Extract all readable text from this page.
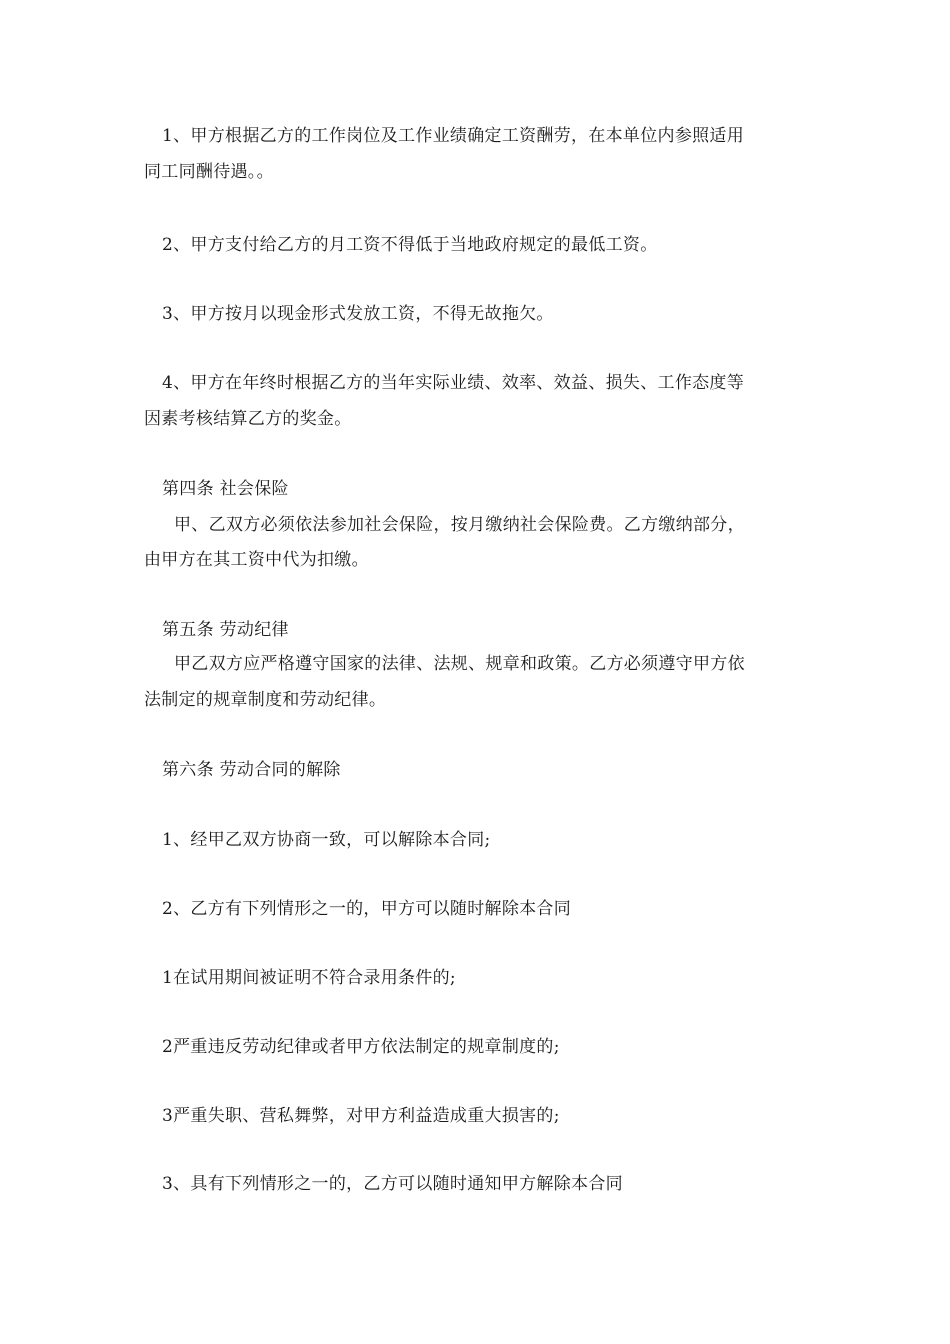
1、甲方根据乙方的工作岗位及工作业绩确定工资酬劳，在本单位内参照适用
同工同酬待遇。。
2、甲方支付给乙方的月工资不得低于当地政府规定的最低工资。
3、甲方按月以现金形式发放工资，不得无故拖欠。
4、甲方在年终时根据乙方的当年实际业绩、效率、效益、损失、工作态度等
因素考核结算乙方的奖金。
第四条 社会保险
甲、乙双方必须依法参加社会保险，按月缴纳社会保险费。乙方缴纳部分，
由甲方在其工资中代为扣缴。
第五条 劳动纪律
甲乙双方应严格遵守国家的法律、法规、规章和政策。乙方必须遵守甲方依
法制定的规章制度和劳动纪律。
第六条 劳动合同的解除
1、经甲乙双方协商一致，可以解除本合同;
2、乙方有下列情形之一的，甲方可以随时解除本合同
1在试用期间被证明不符合录用条件的;
2严重违反劳动纪律或者甲方依法制定的规章制度的;
3严重失职、营私舞弊，对甲方利益造成重大损害的;
3、具有下列情形之一的，乙方可以随时通知甲方解除本合同
